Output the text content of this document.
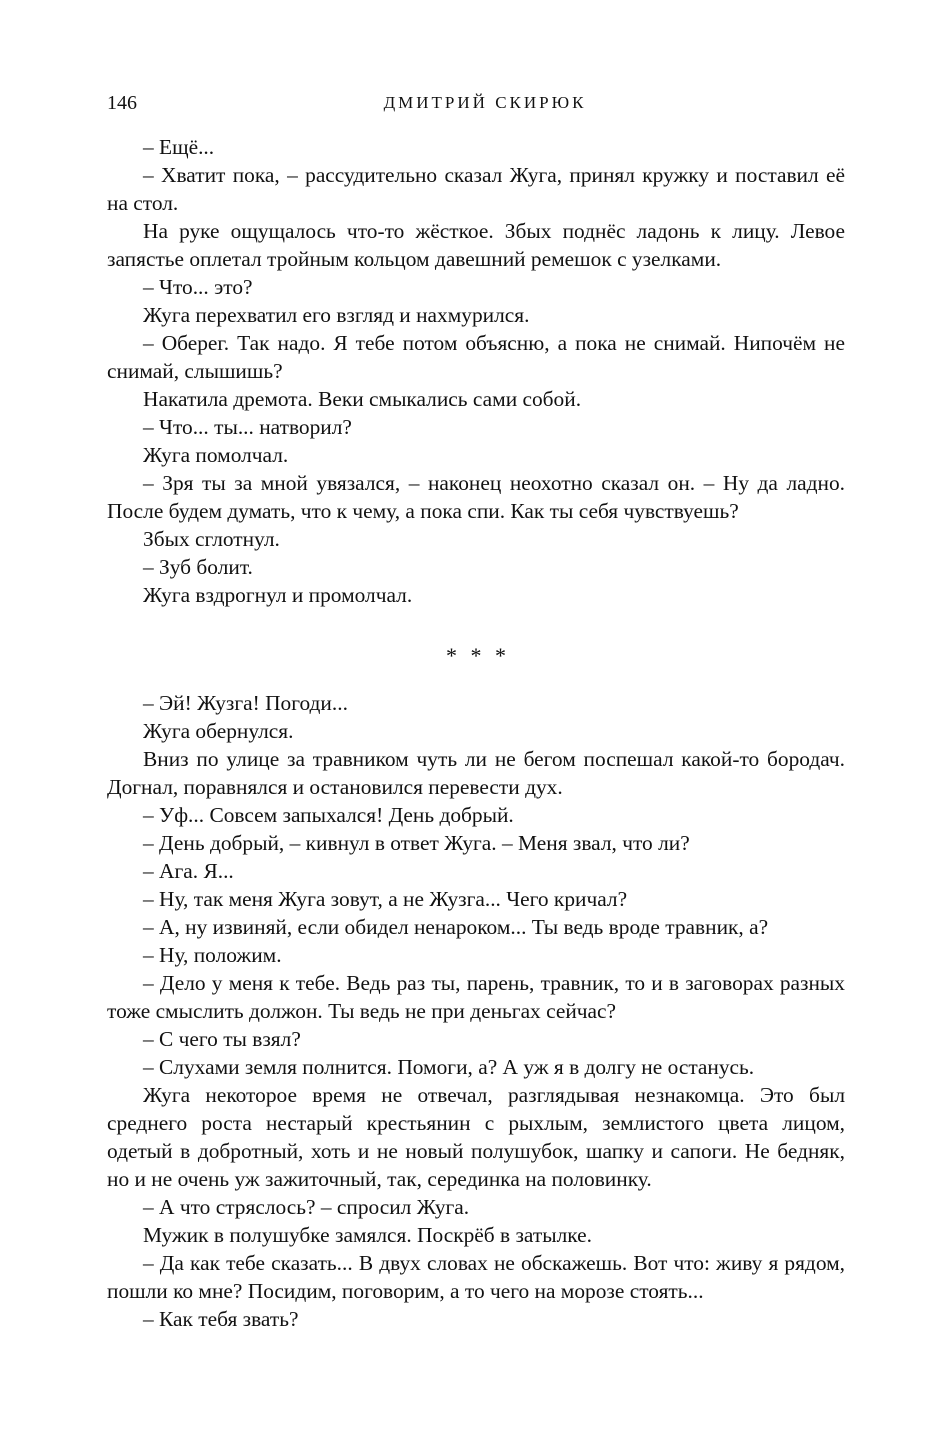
146	ДМИТРИЙ СКИРЮК

– Ещё...

– Хватит пока, – рассудительно сказал Жуга, принял кружку и поставил её на стол.

На руке ощущалось что-то жёсткое. Збых поднёс ладонь к лицу. Левое запястье оплетал тройным кольцом давешний ремешок с узелками.

– Что... это?

Жуга перехватил его взгляд и нахмурился.

– Оберег. Так надо. Я тебе потом объясню, а пока не снимай. Нипочём не снимай, слышишь?

Накатила дремота. Веки смыкались сами собой.

– Что... ты... натворил?

Жуга помолчал.

– Зря ты за мной увязался, – наконец неохотно сказал он. – Ну да ладно. После будем думать, что к чему, а пока спи. Как ты себя чувствуешь?

Збых сглотнул.

– Зуб болит.

Жуга вздрогнул и промолчал.

* * *

– Эй! Жузга! Погоди...

Жуга обернулся.

Вниз по улице за травником чуть ли не бегом поспешал какой-то бородач. Догнал, поравнялся и остановился перевести дух.

– Уф... Совсем запыхался! День добрый.

– День добрый, – кивнул в ответ Жуга. – Меня звал, что ли?

– Ага. Я...

– Ну, так меня Жуга зовут, а не Жузга... Чего кричал?

– А, ну извиняй, если обидел ненароком... Ты ведь вроде травник, а?

– Ну, положим.

– Дело у меня к тебе. Ведь раз ты, парень, травник, то и в заговорах разных тоже смыслить должон. Ты ведь не при деньгах сейчас?

– С чего ты взял?

– Слухами земля полнится. Помоги, а? А уж я в долгу не останусь.

Жуга некоторое время не отвечал, разглядывая незнакомца. Это был среднего роста нестарый крестьянин с рыхлым, землистого цвета лицом, одетый в добротный, хоть и не новый полушубок, шапку и сапоги. Не бедняк, но и не очень уж зажиточный, так, серединка на половинку.

– А что стряслось? – спросил Жуга.

Мужик в полушубке замялся. Поскрёб в затылке.

– Да как тебе сказать... В двух словах не обскажешь. Вот что: живу я рядом, пошли ко мне? Посидим, поговорим, а то чего на морозе стоять...

– Как тебя звать?
